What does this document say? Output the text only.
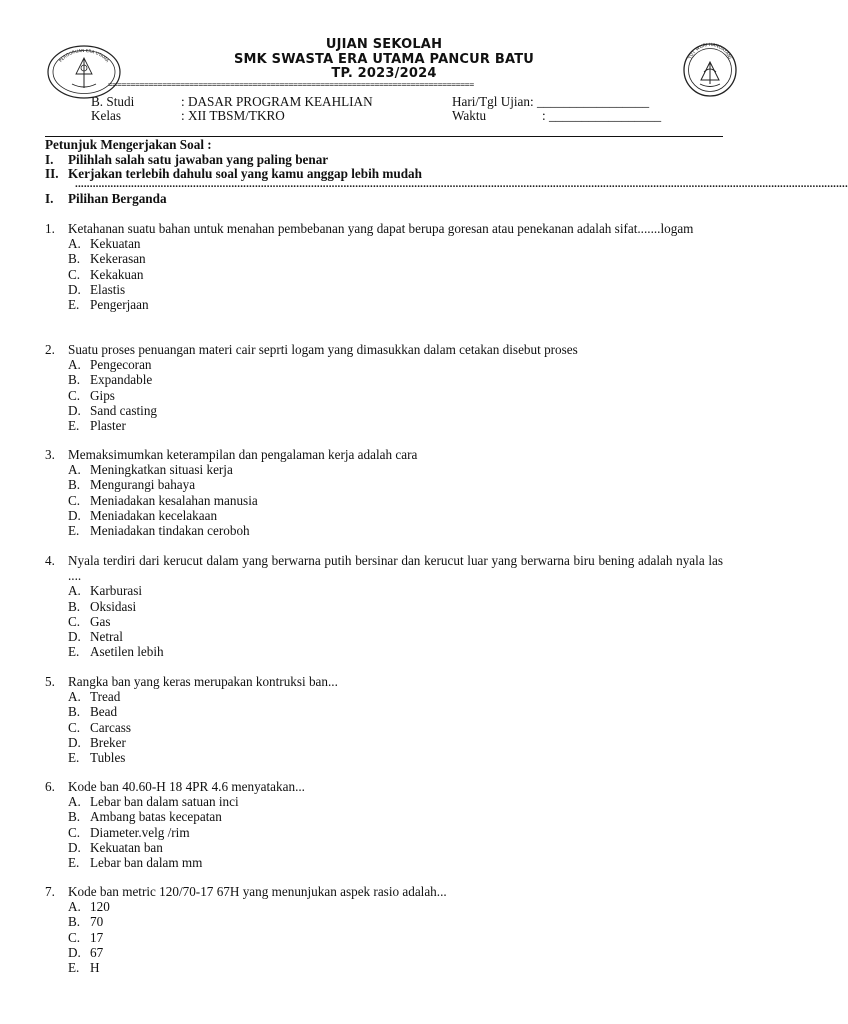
PERGURUAN ERA UTAMA	TUT WURI HANDAYANI
UJIAN SEKOLAH
SMK SWASTA ERA UTAMA PANCUR BATU
TP. 2023/2024
=================================================================================
B. Studi	: DASAR PROGRAM KEAHLIAN
Kelas	: XII TBSM/TKRO
Hari/Tgl Ujian: _________________
Waktu	: _________________
Petunjuk Mengerjakan Soal :
I.	Pilihlah salah satu jawaban yang paling benar
II. Kerjakan terlebih dahulu soal yang kamu anggap lebih mudah
......................................................................................................................................................................................................................................................................
I.	Pilihan Berganda
1. Ketahanan suatu bahan untuk menahan pembebanan yang dapat berupa goresan atau penekanan adalah sifat.......logam
A. Kekuatan
B. Kekerasan
C. Kekakuan
D. Elastis
E. Pengerjaan
2. Suatu proses penuangan materi cair seprti logam yang dimasukkan dalam cetakan disebut proses
A. Pengecoran
B. Expandable
C. Gips
D. Sand casting
E. Plaster
3. Memaksimumkan keterampilan dan pengalaman kerja adalah cara
A. Meningkatkan situasi kerja
B. Mengurangi bahaya
C. Meniadakan kesalahan manusia
D. Meniadakan kecelakaan
E. Meniadakan tindakan ceroboh
4. Nyala terdiri dari kerucut dalam yang berwarna putih bersinar dan kerucut luar yang berwarna biru bening adalah nyala las ....
A. Karburasi
B. Oksidasi
C. Gas
D. Netral
E. Asetilen lebih
5. Rangka ban yang keras merupakan kontruksi ban...
A. Tread
B. Bead
C. Carcass
D. Breker
E. Tubles
6. Kode ban 40.60-H 18 4PR 4.6 menyatakan...
A. Lebar ban dalam satuan inci
B. Ambang batas kecepatan
C. Diameter.velg /rim
D. Kekuatan ban
E. Lebar ban dalam mm
7. Kode ban metric 120/70-17 67H yang menunjukan aspek rasio adalah...
A. 120
B. 70
C. 17
D. 67
E. H
